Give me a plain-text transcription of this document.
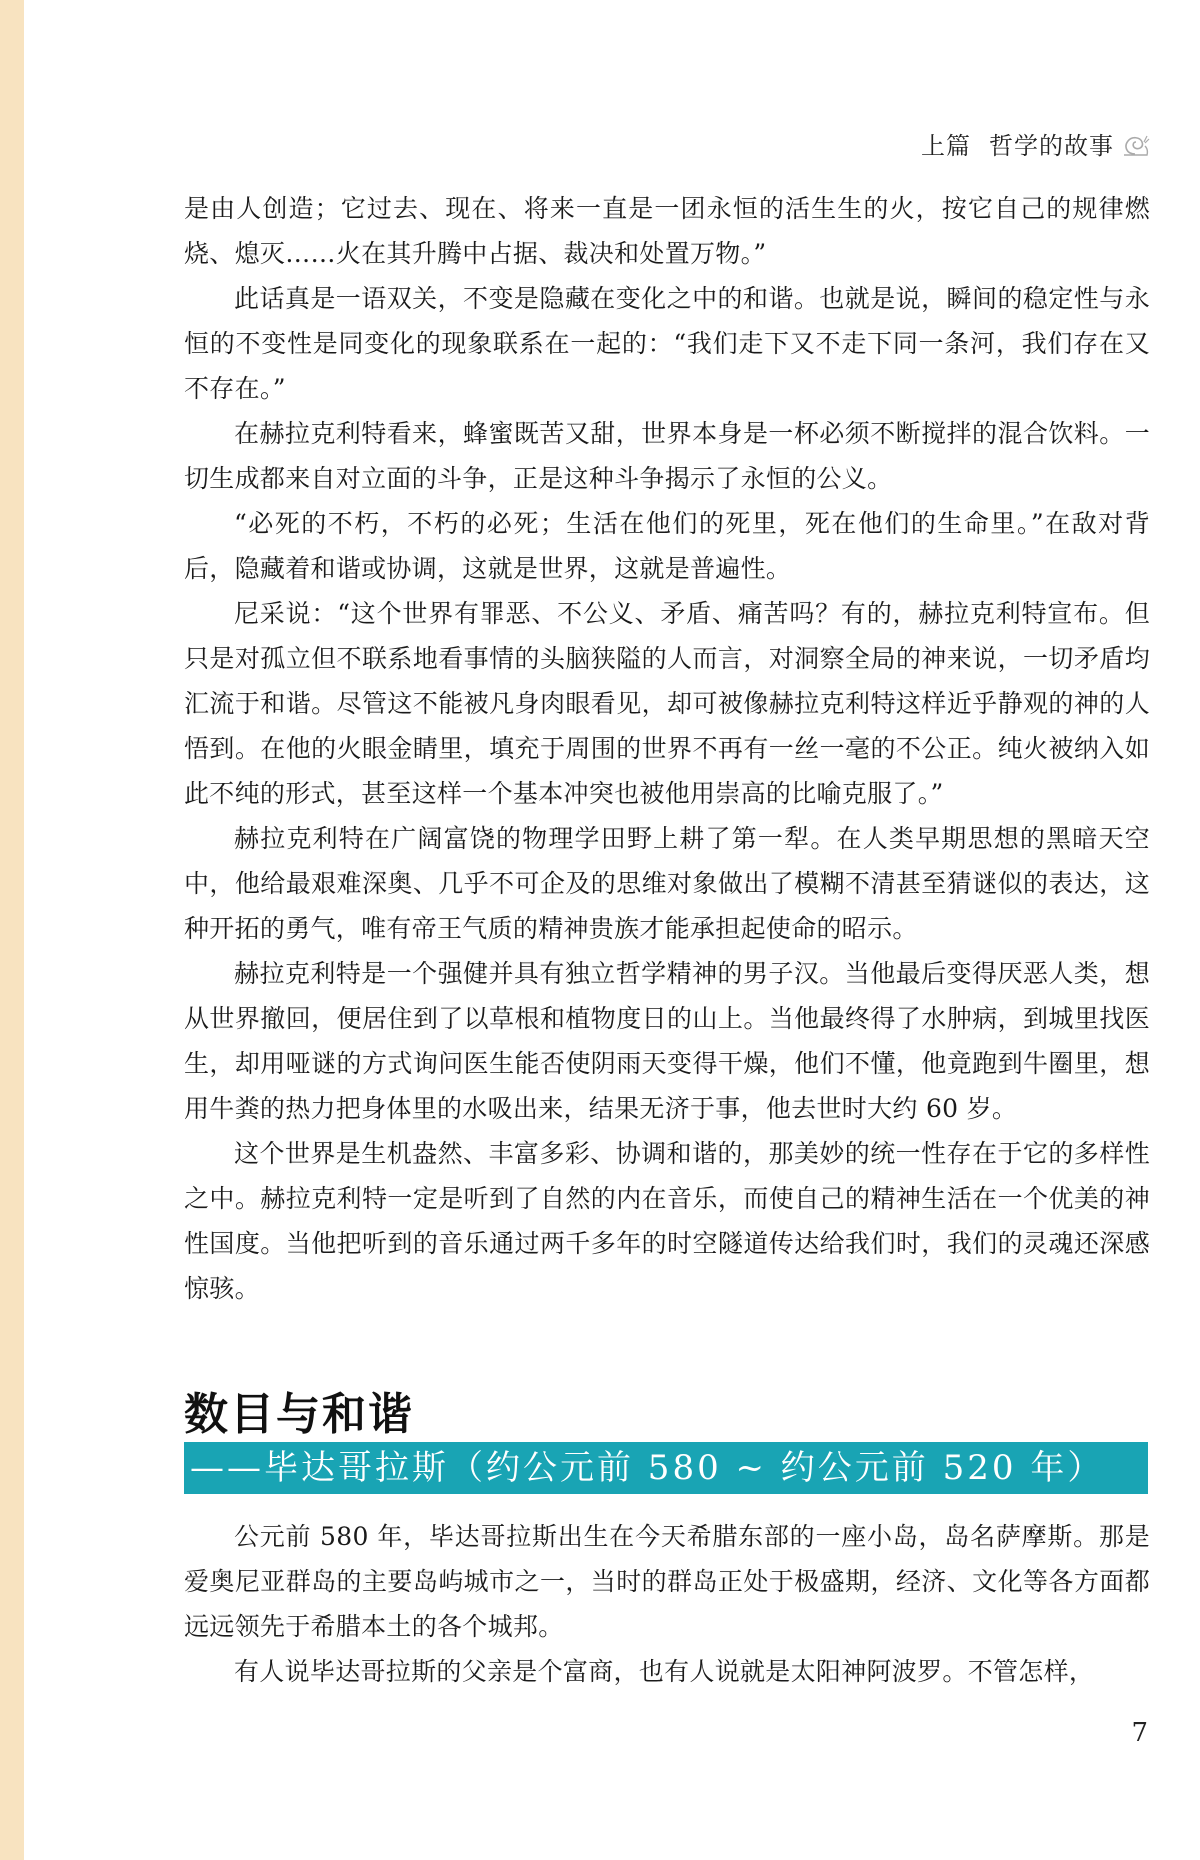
上篇 哲学的故事

是由人创造；它过去、现在、将来一直是一团永恒的活生生的火，按它自己的规律燃烧、熄灭……火在其升腾中占据、裁决和处置万物。”

此话真是一语双关，不变是隐藏在变化之中的和谐。也就是说，瞬间的稳定性与永恒的不变性是同变化的现象联系在一起的：“我们走下又不走下同一条河，我们存在又不存在。”

在赫拉克利特看来，蜂蜜既苦又甜，世界本身是一杯必须不断搅拌的混合饮料。一切生成都来自对立面的斗争，正是这种斗争揭示了永恒的公义。

“必死的不朽，不朽的必死；生活在他们的死里，死在他们的生命里。”在敌对背后，隐藏着和谐或协调，这就是世界，这就是普遍性。

尼采说：“这个世界有罪恶、不公义、矛盾、痛苦吗？有的，赫拉克利特宣布。但只是对孤立但不联系地看事情的头脑狭隘的人而言，对洞察全局的神来说，一切矛盾均汇流于和谐。尽管这不能被凡身肉眼看见，却可被像赫拉克利特这样近乎静观的神的人悟到。在他的火眼金睛里，填充于周围的世界不再有一丝一毫的不公正。纯火被纳入如此不纯的形式，甚至这样一个基本冲突也被他用崇高的比喻克服了。”

赫拉克利特在广阔富饶的物理学田野上耕了第一犁。在人类早期思想的黑暗天空中，他给最艰难深奥、几乎不可企及的思维对象做出了模糊不清甚至猜谜似的表达，这种开拓的勇气，唯有帝王气质的精神贵族才能承担起使命的昭示。

赫拉克利特是一个强健并具有独立哲学精神的男子汉。当他最后变得厌恶人类，想从世界撤回，便居住到了以草根和植物度日的山上。当他最终得了水肿病，到城里找医生，却用哑谜的方式询问医生能否使阴雨天变得干燥，他们不懂，他竟跑到牛圈里，想用牛粪的热力把身体里的水吸出来，结果无济于事，他去世时大约 60 岁。

这个世界是生机盎然、丰富多彩、协调和谐的，那美妙的统一性存在于它的多样性之中。赫拉克利特一定是听到了自然的内在音乐，而使自己的精神生活在一个优美的神性国度。当他把听到的音乐通过两千多年的时空隧道传达给我们时，我们的灵魂还深感惊骇。

数目与和谐
——毕达哥拉斯（约公元前 580 ~ 约公元前 520 年）

公元前 580 年，毕达哥拉斯出生在今天希腊东部的一座小岛，岛名萨摩斯。那是爱奥尼亚群岛的主要岛屿城市之一，当时的群岛正处于极盛期，经济、文化等各方面都远远领先于希腊本土的各个城邦。

有人说毕达哥拉斯的父亲是个富商，也有人说就是太阳神阿波罗。不管怎样，

7
